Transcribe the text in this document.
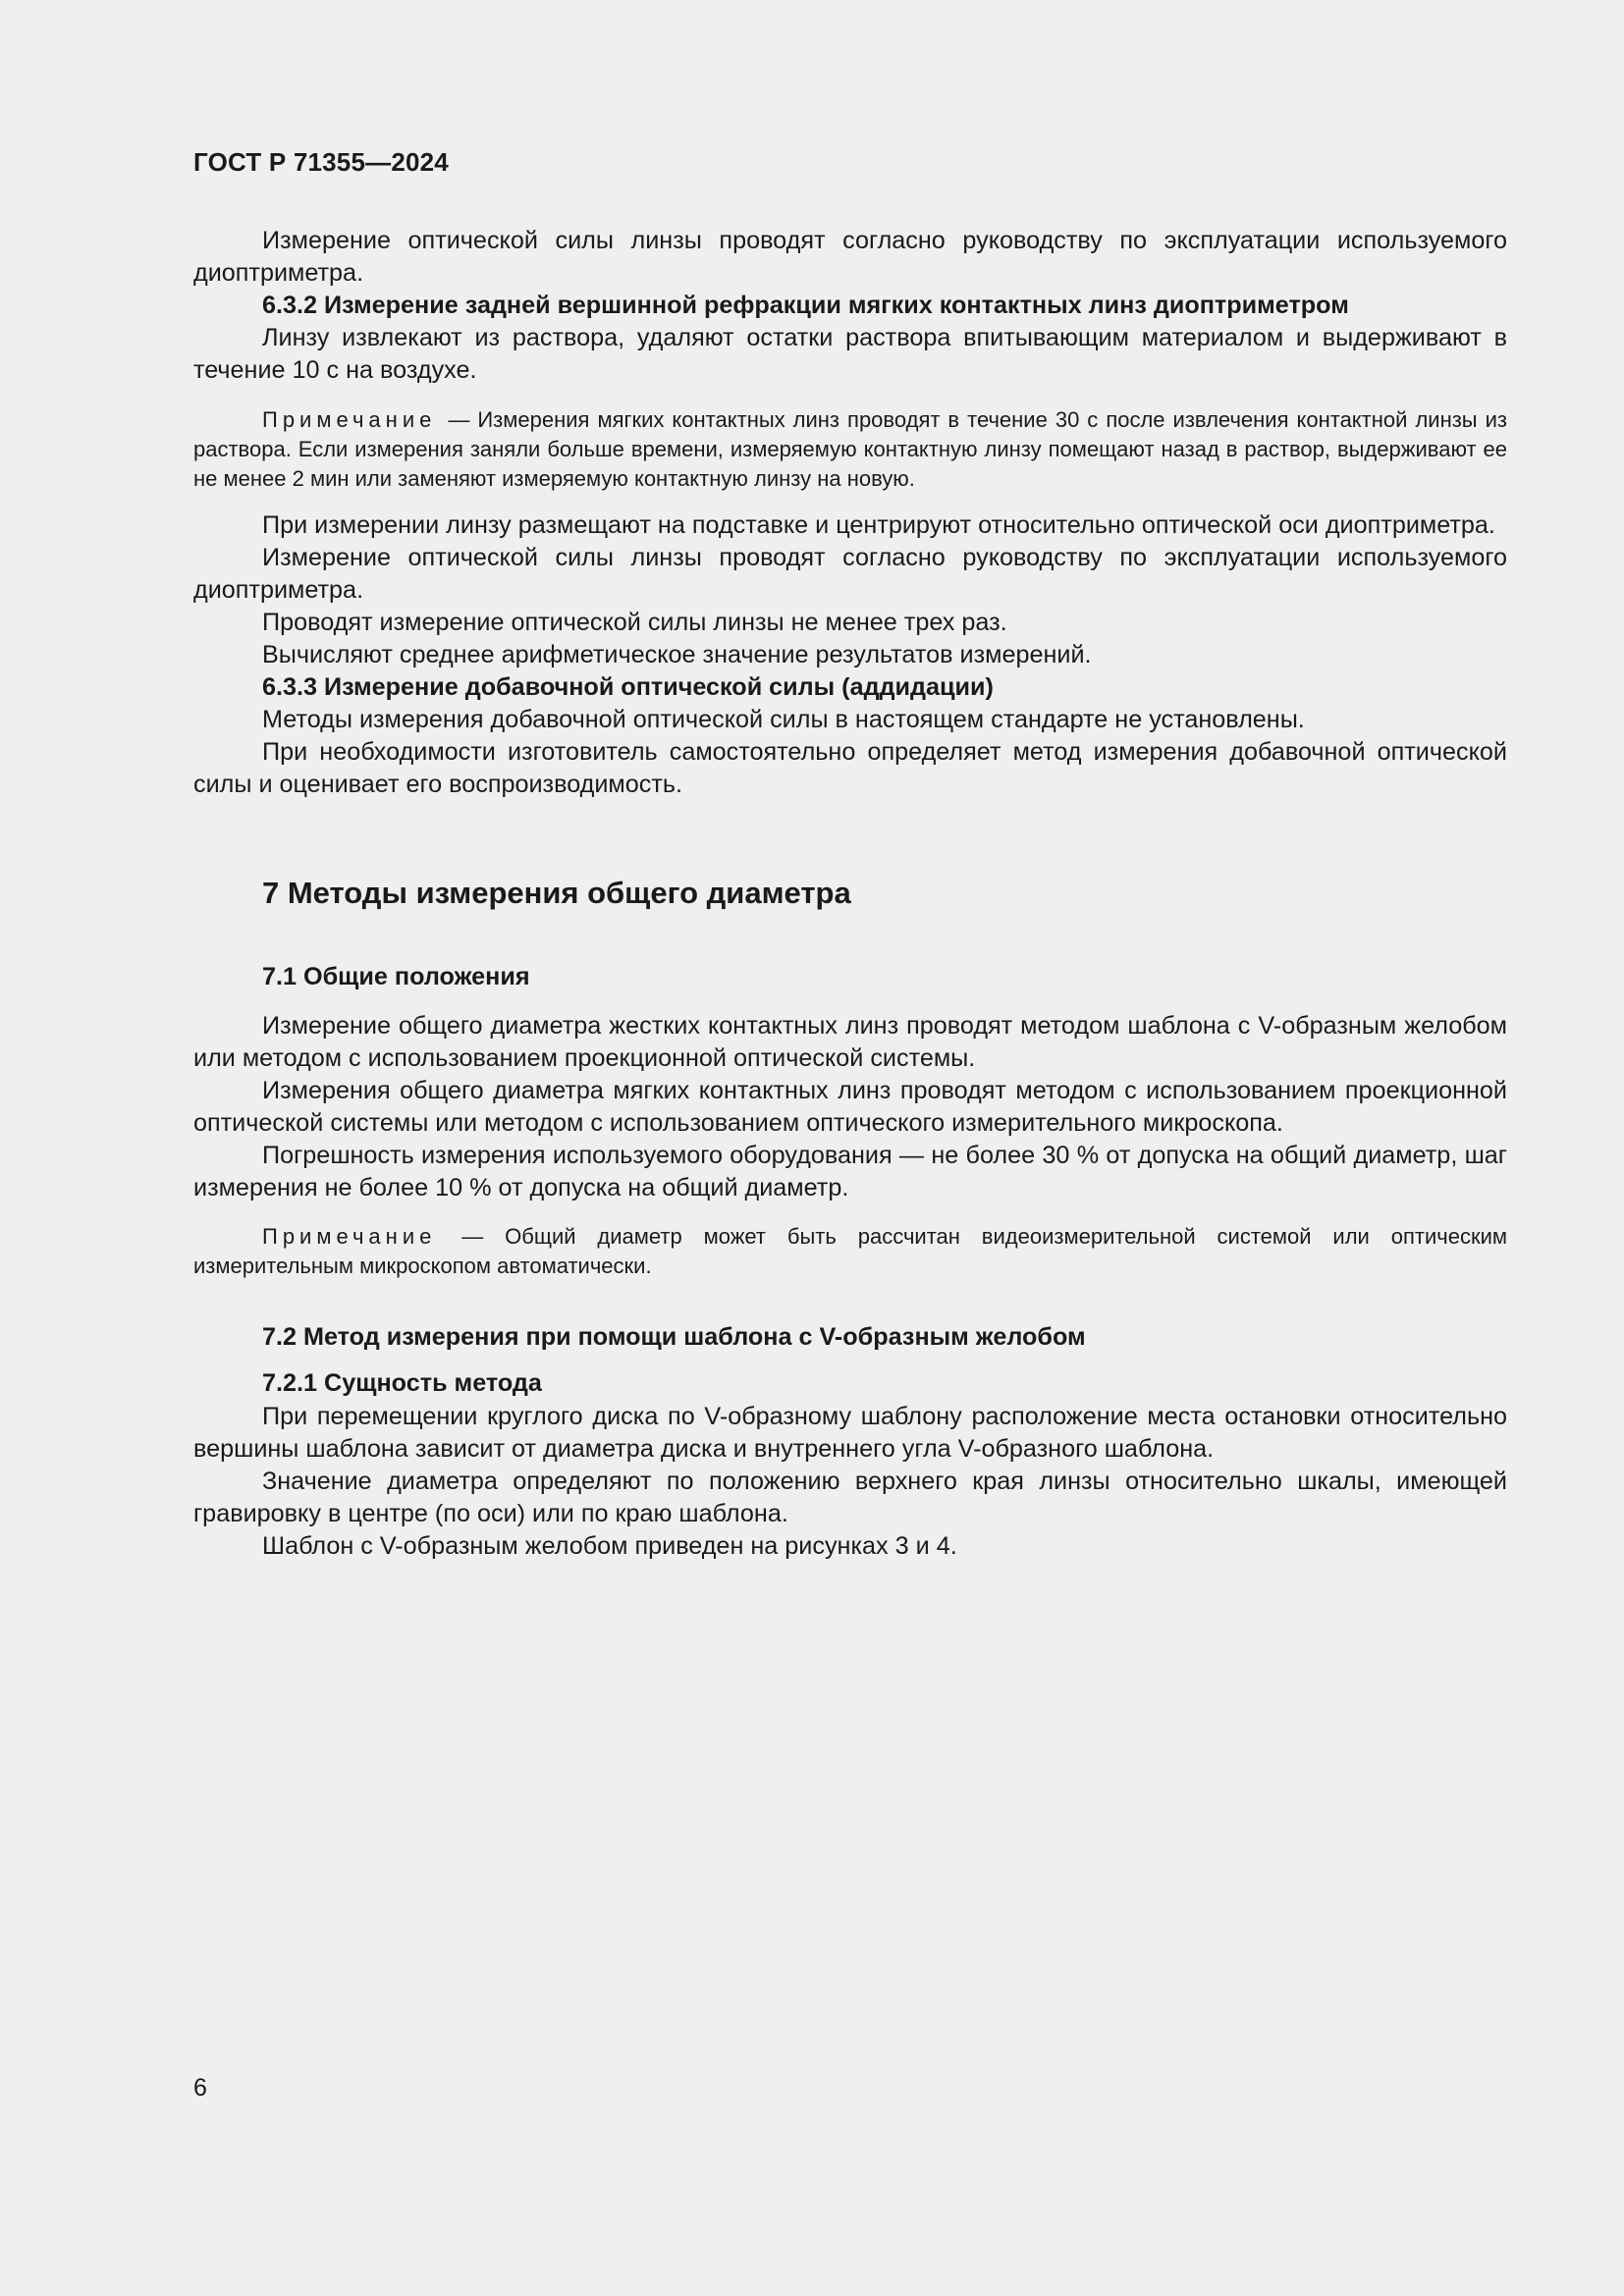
ГОСТ Р 71355—2024

Измерение оптической силы линзы проводят согласно руководству по эксплуатации используемого диоптриметра.

6.3.2 Измерение задней вершинной рефракции мягких контактных линз диоптриметром

Линзу извлекают из раствора, удаляют остатки раствора впитывающим материалом и выдерживают в течение 10 с на воздухе.

Примечание — Измерения мягких контактных линз проводят в течение 30 с после извлечения контактной линзы из раствора. Если измерения заняли больше времени, измеряемую контактную линзу помещают назад в раствор, выдерживают ее не менее 2 мин или заменяют измеряемую контактную линзу на новую.

При измерении линзу размещают на подставке и центрируют относительно оптической оси диоптриметра.

Измерение оптической силы линзы проводят согласно руководству по эксплуатации используемого диоптриметра.

Проводят измерение оптической силы линзы не менее трех раз.

Вычисляют среднее арифметическое значение результатов измерений.

6.3.3 Измерение добавочной оптической силы (аддидации)

Методы измерения добавочной оптической силы в настоящем стандарте не установлены.

При необходимости изготовитель самостоятельно определяет метод измерения добавочной оптической силы и оценивает его воспроизводимость.

7 Методы измерения общего диаметра
7.1 Общие положения

Измерение общего диаметра жестких контактных линз проводят методом шаблона с V-образным желобом или методом с использованием проекционной оптической системы.

Измерения общего диаметра мягких контактных линз проводят методом с использованием проекционной оптической системы или методом с использованием оптического измерительного микроскопа.

Погрешность измерения используемого оборудования — не более 30 % от допуска на общий диаметр, шаг измерения не более 10 % от допуска на общий диаметр.

Примечание — Общий диаметр может быть рассчитан видеоизмерительной системой или оптическим измерительным микроскопом автоматически.

7.2 Метод измерения при помощи шаблона с V-образным желобом
7.2.1 Сущность метода

При перемещении круглого диска по V-образному шаблону расположение места остановки относительно вершины шаблона зависит от диаметра диска и внутреннего угла V-образного шаблона.

Значение диаметра определяют по положению верхнего края линзы относительно шкалы, имеющей гравировку в центре (по оси) или по краю шаблона.

Шаблон с V-образным желобом приведен на рисунках 3 и 4.

6
